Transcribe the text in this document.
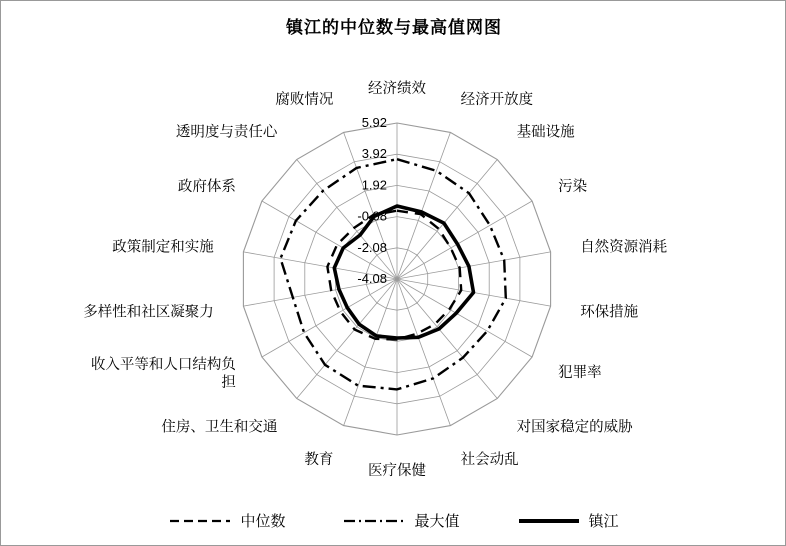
镇江的中位数与最高值网图
-4.08
-2.08
-0.08
1.92
3.92
5.92
经济绩效
经济开放度
基础设施
污染
自然资源消耗
环保措施
犯罪率
对国家稳定的威胁
社会动乱
医疗保健
教育
住房、卫生和交通
收入平等和人口结构负担
多样性和社区凝聚力
政策制定和实施
政府体系
透明度与责任心
腐败情况
中位数	最大值	镇江
